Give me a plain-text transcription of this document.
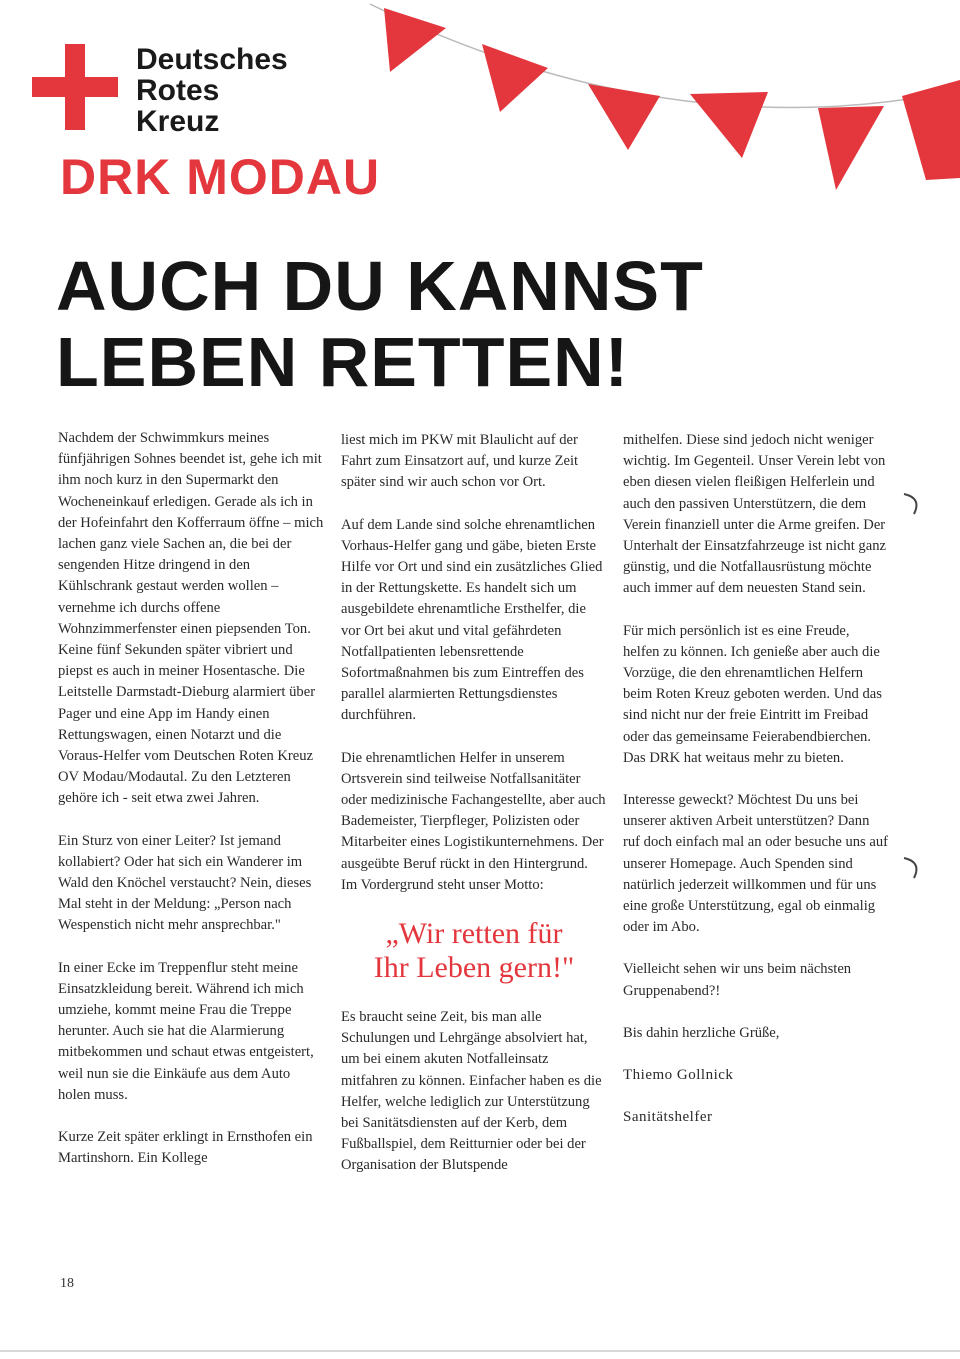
Deutsches
Rotes
Kreuz
DRK MODAU
AUCH DU KANNST
LEBEN RETTEN!

Nachdem der Schwimmkurs meines fünfjährigen Sohnes beendet ist, gehe ich mit ihm noch kurz in den Supermarkt den Wocheneinkauf erledigen. Gerade als ich in der Hofeinfahrt den Kofferraum öffne – mich lachen ganz viele Sachen an, die bei der sengenden Hitze dringend in den Kühlschrank gestaut werden wollen – vernehme ich durchs offene Wohnzimmerfenster einen piepsenden Ton. Keine fünf Sekunden später vibriert und piepst es auch in meiner Hosentasche. Die Leitstelle Darmstadt-Dieburg alarmiert über Pager und eine App im Handy einen Rettungswagen, einen Notarzt und die Voraus-Helfer vom Deutschen Roten Kreuz OV Modau/Modautal. Zu den Letzteren gehöre ich - seit etwa zwei Jahren.

Ein Sturz von einer Leiter? Ist jemand kollabiert? Oder hat sich ein Wanderer im Wald den Knöchel verstaucht? Nein, dieses Mal steht in der Meldung: „Person nach Wespenstich nicht mehr ansprechbar."

In einer Ecke im Treppenflur steht meine Einsatzkleidung bereit. Während ich mich umziehe, kommt meine Frau die Treppe herunter. Auch sie hat die Alarmierung mitbekommen und schaut etwas entgeistert, weil nun sie die Einkäufe aus dem Auto holen muss.

Kurze Zeit später erklingt in Ernsthofen ein Martinshorn. Ein Kollege

liest mich im PKW mit Blaulicht auf der Fahrt zum Einsatzort auf, und kurze Zeit später sind wir auch schon vor Ort.

Auf dem Lande sind solche ehrenamtlichen Vorhaus-Helfer gang und gäbe, bieten Erste Hilfe vor Ort und sind ein zusätzliches Glied in der Rettungskette. Es handelt sich um ausgebildete ehrenamtliche Ersthelfer, die vor Ort bei akut und vital gefährdeten Notfallpatienten lebensrettende Sofortmaßnahmen bis zum Eintreffen des parallel alarmierten Rettungsdienstes durchführen.

Die ehrenamtlichen Helfer in unserem Ortsverein sind teilweise Notfallsanitäter oder medizinische Fachangestellte, aber auch Bademeister, Tierpfleger, Polizisten oder Mitarbeiter eines Logistikunternehmens. Der ausgeübte Beruf rückt in den Hintergrund. Im Vordergrund steht unser Motto:

„Wir retten für
Ihr Leben gern!"

Es braucht seine Zeit, bis man alle Schulungen und Lehrgänge absolviert hat, um bei einem akuten Notfalleinsatz mitfahren zu können. Einfacher haben es die Helfer, welche lediglich zur Unterstützung bei Sanitätsdiensten auf der Kerb, dem Fußballspiel, dem Reitturnier oder bei der Organisation der Blutspende

mithelfen. Diese sind jedoch nicht weniger wichtig. Im Gegenteil. Unser Verein lebt von eben diesen vielen fleißigen Helferlein und auch den passiven Unterstützern, die dem Verein finanziell unter die Arme greifen. Der Unterhalt der Einsatzfahrzeuge ist nicht ganz günstig, und die Notfallausrüstung möchte auch immer auf dem neuesten Stand sein.

Für mich persönlich ist es eine Freude, helfen zu können. Ich genieße aber auch die Vorzüge, die den ehrenamtlichen Helfern beim Roten Kreuz geboten werden. Und das sind nicht nur der freie Eintritt im Freibad oder das gemeinsame Feierabendbierchen. Das DRK hat weitaus mehr zu bieten.

Interesse geweckt? Möchtest Du uns bei unserer aktiven Arbeit unterstützen? Dann ruf doch einfach mal an oder besuche uns auf unserer Homepage. Auch Spenden sind natürlich jederzeit willkommen und für uns eine große Unterstützung, egal ob einmalig oder im Abo.

Vielleicht sehen wir uns beim nächsten Gruppenabend?!

Bis dahin herzliche Grüße,

Thiemo Gollnick

Sanitätshelfer

18
